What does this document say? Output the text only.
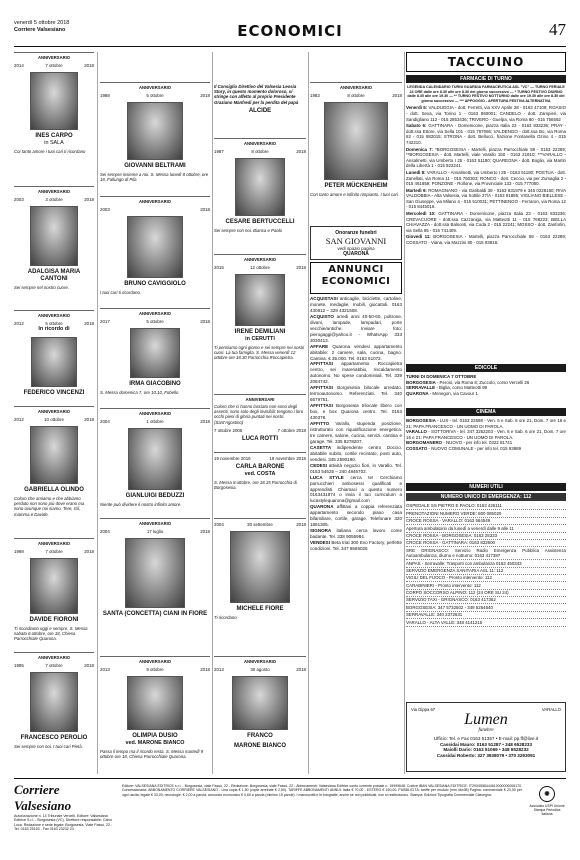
venerdì 5 ottobre 2018
Corriere Valsesiano	ECONOMICI	47
ANNIVERSARIO
2014	7 ottobre	2018
INES CARPO
in SALA
Coi tanto amore i tuoi cari ti ricordano
ANNIVERSARIO
2003	3 ottobre	2018
ADALGISA MARIA CANTONI
Sei sempre nel nostro cuore.
ANNIVERSARIO
2012	5 ottobre	2018
In ricordo di
FEDERICO VINCENZI
ANNIVERSARIO
2012	10 ottobre	2018
GABRIELLA OLINDO
Coloro che amiamo e che abbiamo perduto non sono più dove erano ma sono ovunque noi siamo. Tere, Gil, mamma e Davide.
ANNIVERSARIO
1998	7 ottobre	2018
DAVIDE FIORONI
Ti ricordiamo oggi e sempre. S. Messa sabato 6 ottobre, ore 18, Chiesa Parrocchiale Quarona.
ANNIVERSARIO
1995	7 ottobre	2018
FRANCESCO PEROLIO
Sei sempre con noi. I tuoi cari Pietà.
ANNIVERSARIO
1988	5 ottobre	2018
GIOVANNI BELTRAMI
Sei sempre insieme a noi. S. Messa lunedì 8 ottobre, ore 18, Fallungo di Pila
ANNIVERSARIO
2003	2018
BRUNO CAVIGGIOLO
I tuoi cari ti ricordano.
ANNIVERSARIO
2017	5 ottobre	2018
IRMA GIACOBINO
S. Messa domenica 7, ore 10.10, Fobello
ANNIVERSARIO
2004	1 ottobre	2018
GIANLUIGI BEDUZZI
Niente può dividere il nostro infinito amore.
ANNIVERSARIO
2004	17 luglio	2018
SANTA (CONCETTA) CIANI IN FIORE
ANNIVERSARIO
2013	9 ottobre	2018
OLIMPIA DUSIO
ved. MARONE BIANCO
Passa il tempo ma il ricordo resta. S. Messa martedì 9 ottobre ore 18, Chiesa Parrocchiale Quarona.
Il Consiglio Direttivo del Valsesia Leosia Story, in questo momento doloroso, si stringe con affetto al proprio Presidente Graziano Manfredi per la perdita del papà
ALCIDE
ANNIVERSARIO
1987	8 ottobre	2018
CESARE BERTUCCELLI
Sei sempre con noi. Bianca e Paolo
ANNIVERSARIO
2015	12 ottobre	2018
IRENE DEMILIANI
in CERUTTI
Ti pensiamo ogni giorno e sei sempre nei nostri cuori. La tua famiglia. S. Messa venerdì 12 ottobre ore 18.30 Parrocchia Roccapietra.
ANNIVERSARI
Coloro che ci hanno lasciato non sono degli assenti, sono solo degli invisibili: tengono i loro occhi pieni di gloria puntati nei nostri. (Sant'Agostino)
7 ottobre 2005	7 ottobre 2018
LUCA ROTTI
19 novembre 2016	19 novembre 2018
CARLA BARONE
ved. COSTA
S. Messa 8 ottobre, ore 18.15 Parrocchia di Borgosesia.
2004	30 settembre	2018
MICHELE FIORE
Ti ricordano
ANNIVERSARIO
2013	30 agosto	2018
FRANCO
MARONE BIANCO
ANNIVERSARIO
1983	8 ottobre	2018
PETER MÜCKENHEIM
Con tanto amore e infinito rimpianto. I tuoi cari.
Onoranze funebri
SAN GIOVANNI
vedi spazio pagina
QUARONA
ANNUNCI
ECONOMICI
ACQUISTASI anticaglie, biciclette, cartoline, monete, medaglie, mobili, giocattoli. 0163 430812 – 329 4321508.
ACQUISTO arredi anni 40-50-60, poltrone, divani, lampade, lampadari, porte vecchie/antiche. Inviare foto: pierogaggi@yahoo.it - WhatsApp 333 3030413.
AFFARE Quarona vendesi appartamento abitabile: 2 camere, sala, cucina, bagno. Cantina. € 35.000. Tel. 0163 51072.
AFFITTASI appartamento Roccapietra centro, sei mareriabbio, riscaldamento autonomo. No spese condominiali. Tel. 339 2084742.
AFFITTASI Borgosesia bilocale arredato, termoautonomo. Referenziati. Tel. 340 6679751.
AFFITTASI Borgosesia trilocale libero con box, e box Quarona centro. Tel. 0163 430378.
AFFITTO Varallo, stupenda posizione, ristrutturato con riqualificazione energetica: tre camere, salone, cucina, servizi, cantina e garage. Tel. 335 8278207.
CASETTA indipendente centro Doccio. abitabile subito, cortile recintato, posti auto, vendesi. 345 2590190.
CEDESI attività negozio fiori, in Varallo. Tel. 0163 54625 – 340 4846702.
LUCA STYLE cerca te! Cerchiamo parrucchieri ambosessi qualificati e apprendisti. Chiamaci a questo numero 0163431874 o invia il tuo curriculum a lucastylequarona@gmail.com
QUARONA affittasi a coppia referenziata appartamento secondo piano casa bifamiliare, cortile, garage. Telefonare 320 1891305.
SIGNORA italiana cerca lavoro come badante. Tel. 338 9055984.
VENDESI Beta trial 300 Evo Factory, perfette condizioni. Tel. 347 8565026
TACCUINO
FARMACIE DI TURNO
LEGENDA CALENDARIO TURNI GUARDIA FARMACEUTICA ASL "VC" — TURNO FERIALE 24 ORE dalle ore 8.30 alle ore 8.30 del giorno successivo — * TURNO FESTIVO DIURNO dalle 8.30 alle ore 19.30 — ** TURNO FESTIVO NOTTURNO dalle ore 19.30 alle ore 8.30 del giorno successivo — *** APPOGGIO - APERTURA FESTIVA ALTERNATIVA
Venerdì 5: VALDUGGIA - dott. Ferretti, via XXV Aprile 28 - 0163 47109; ROASIO - dott. Seva, via Torino 1 - 0163 860001; CANDELO - dott. Zampieri, via Sandigliano 112 - 015 2853436; TRIVERO - Guelpa, via Roma 80 - 015 756592
Sabato 6: GATTINARA - Domenicone, piazza Italia 23 - 0163 833236; PRAY - dott.ssa Ettore, via Sella 101 - 015 767066; VALDENGO - dott.ssa Bo, via Roma 82 - 015 882015; STRONA - dott. Bellucci, frazione Fontanella Ozino 4 - 015 742210.
Domenica 7: *BORGOSESIA - Martelli, piazza Parrocchiale 59 - 0163 22289; **BORGOSESIA - dott. Martelli, viale Varallo 150 - 0163 21910; ***VARALLO - Ansalmetti, via Umberto I 25 - 0163 51180; QUAREGNA - dott. Boglio, via Martiri della Libertà 1 - 015 922241.
Lunedì 8: VARALLO - Ansalmetti, via Umberto I 25 - 0163 51180; POSTUA - dott. Zanellati, via Roma 11 - 015 760303; RONCO - dott. Ceccio, via per Zumaglia 2 - 015 461859; PONZONE - Rollone, via Provinciale 133 - 015 777080.
Martedì 9: ROMAGNANO - via Garibaldi 38 - 0163 831979 e 346 0228160; RIVA VALDOBBIA - Alta Valsesia, via Sottile 27/A - 0163 91885; VIGLIANO BIELLESE - San Giuseppe, via Milano 4 - 015 510031; PETTINENGO - Ferraron, via Roma 12 - 015 8445016.
Mercoledì 10: GATTINARA - Domenicone, piazza Italia 23 - 0163 833236; CREVACUORE - dott.ssa Cazzaniga, via Matteotti 11 - 015 768223; BIELLA CHIAVAZZA - dott.ssa Balsonti, via Coda 2 - 015 22241; MOSSO - dott. Zanforlin, via Sella 65 - 015 741409.
Giovedì 11: BORGOSESIA - Martelli, piazza Parrocchiale 59 - 0163 22289; COSSATO - Viana, via Mazzini 80 - 015 93818.
EDICOLE
TURNI DI DOMENICA 7 OTTOBRE
BORGOSESIA - Peroio, via Roma 8; Zuccolo, corso Vercelli 26
SERRAVALLE - Biglia, corso Matteotti 99
QUARONA - Menegon, via Cavour 1
CINEMA
BORGOSESIA - LUX - tel. 0163 22698 - Ven. 5 e Sab. 6 ore 21, Dom. 7 ore 16 e 21: PAPA FRANCESCO - UN UOMO DI PAROLA.
VARALLO - SOTTORIVA - tel. 347 3252203 - Ven. 5 e Sab. 6 ore 21, Dom. 7 ore 16 e 21: PAPA FRANCESCO - UN UOMO DI PAROLA.
BORGOMANERO - NUOVO - per info tel. 0322 81741
COSSATO - NUOVO COMUNALE - per info tel. 015 93889
NUMERI UTILI
NUMERO UNICO DI EMERGENZA: 112
OSPEDALE SS PIETRO E PAOLO: 0163 426111
PRENOTAZIONI NUMERO VERDE: 800 085020
CROCE ROSSA - VARALLO: 0163 564549
Apertura ambulatorio da lunedì a venerdì dalle 9 alle 11
CROCE ROSSA - BORGOSESIA: 0163 25333
CROCE ROSSA - GATTINARA: 0163 832600
SRE GRIGNASCO: Servizio Radio Emergenza Pubblica Assistenza Autoambulanza, diurno e notturno: 0163 417387
ANPAS - Serravalle: Trasporti con ambulanza 0163 450343
SERVIZIO EMERGENZA SANITARIA ASL 11: 112
VIGILI DEL FUOCO - Pronto intervento: 112
CARABINIERI - Pronto intervento: 112
CORPO SOCCORSO ALPINO: 112 (24 ORE SU 24)
SERVIZIO TAXI - GRIGNASCO: 0163 417362
BORGOSESIA: 347 5732502 - 349 5254640
SERRAVALLE: 340 2372631
VARALLO - ALTA VALLE: 348 4141215
Via Gippa 67	VARALLO
Lumen
funebre
Ufficio: Tel. e Fax 0163 51357 • E-mail: pp.ff@live.it
Cassidai Mauro: 0163 51287 • 348 6528233
Maiolli Dario: 0163 51069 • 348 6528232
Cassidai Roberto: 327 3938079 • 370 3293091
Corriere Valsesiano
Autorizzazione n. 14 Tribunale Vercelli. Editore: Valsesiana Editrice S.r.l. - Borgosesia (VC). Direttore responsabile: Calvo Luca. Redazione e sede legale: Borgosesia, Viale Fassò, 22 - Tel. 0163 25153 - Fax 0163 23232 24
Editore: VALSESIANA EDITRICE s.r.l. - Borgosesia, viale Fassò, 22 - Redazione: Borgosesia, viale Fassò, 22 - Abbonamenti: Valsesiana Editrice conto corrente postale n. 15999648. Codice IBAN VALSESIANA EDITRICE: IT29X0558444610000000006170. Concessionaria: ABBONAMENTO CORRIERE VALSESIANO - Una copia € 1,50 (copie arretrate € 2,50). TARIFFE ABBONAMENTI ANNUI: Italia € 70,00 - ESTERO € 150,00. PUBBLICITÀ: tariffe per modulo (mm 46x38) Pagina: commerciale € 20,00 per ogni uscita; legale € 33,00; necrologie: € 2,00 a parola; annuncio economico € 0,60 a parola (minimo 15 parole). I manoscritti e le fotografie, anche se non pubblicati, non si restituiscono. Stampa: Edizioni Tipografia Commerciale Cilavegna.	◉
Associato USPI Unione Stampa Periodica Italiana
